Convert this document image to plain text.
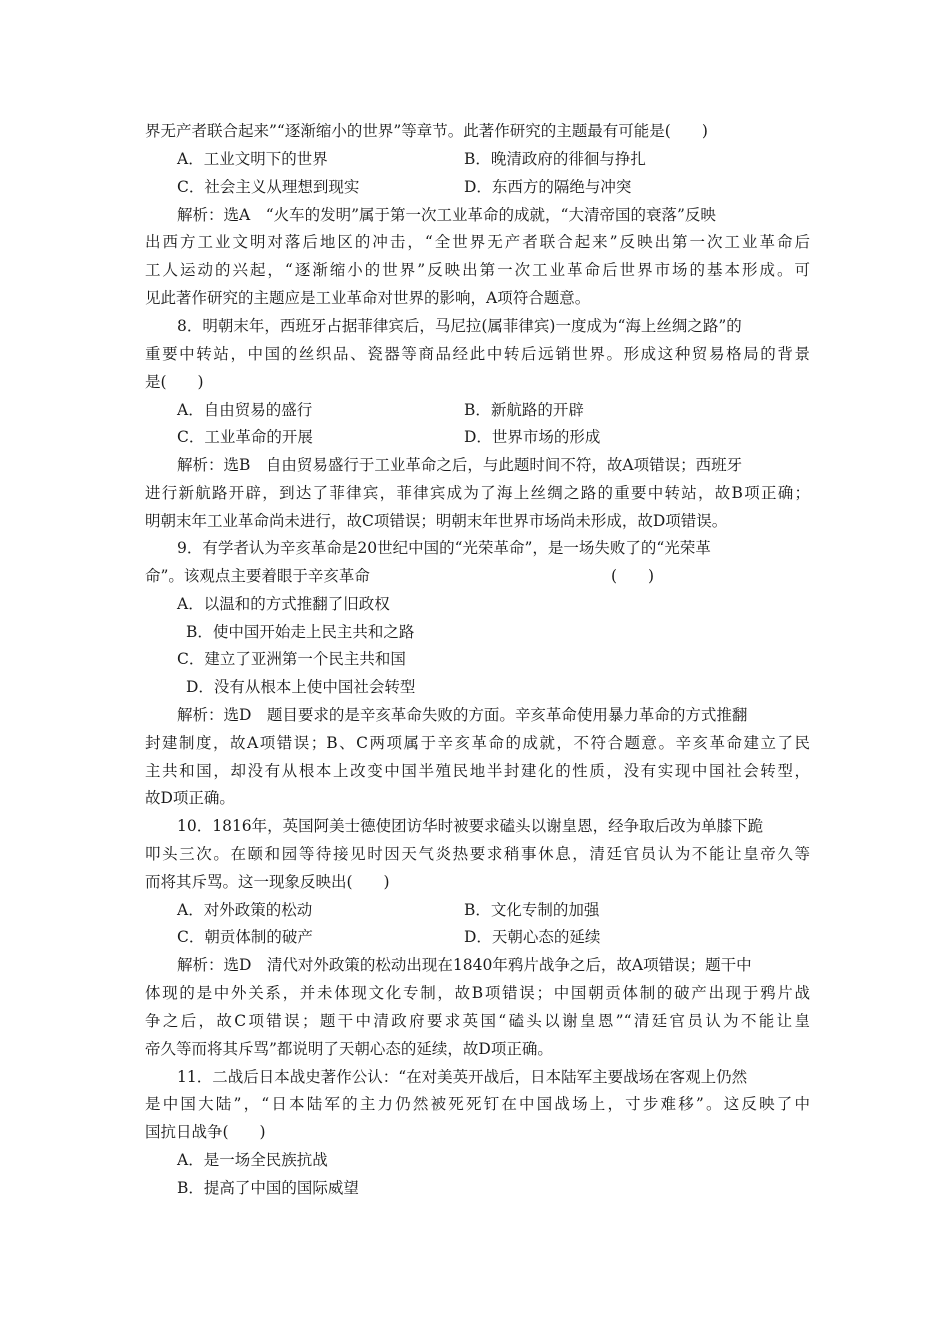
界无产者联合起来”“逐渐缩小的世界”等章节。此著作研究的主题最有可能是(　　)
A．工业文明下的世界	B．晚清政府的徘徊与挣扎
C．社会主义从理想到现实	D．东西方的隔绝与冲突
解析：选A　“火车的发明”属于第一次工业革命的成就，“大清帝国的衰落”反映
出西方工业文明对落后地区的冲击，“全世界无产者联合起来”反映出第一次工业革命后
工人运动的兴起，“逐渐缩小的世界”反映出第一次工业革命后世界市场的基本形成。可
见此著作研究的主题应是工业革命对世界的影响，A项符合题意。
8．明朝末年，西班牙占据菲律宾后，马尼拉(属菲律宾)一度成为“海上丝绸之路”的
重要中转站，中国的丝织品、瓷器等商品经此中转后远销世界。形成这种贸易格局的背景
是(　　)
A．自由贸易的盛行	B．新航路的开辟
C．工业革命的开展	D．世界市场的形成
解析：选B　自由贸易盛行于工业革命之后，与此题时间不符，故A项错误；西班牙
进行新航路开辟，到达了菲律宾，菲律宾成为了海上丝绸之路的重要中转站，故B项正确；
明朝末年工业革命尚未进行，故C项错误；明朝末年世界市场尚未形成，故D项错误。
9．有学者认为辛亥革命是20世纪中国的“光荣革命”，是一场失败了的“光荣革
命”。该观点主要着眼于辛亥革命	(　　)
A．以温和的方式推翻了旧政权
B．使中国开始走上民主共和之路
C．建立了亚洲第一个民主共和国
D．没有从根本上使中国社会转型
解析：选D　题目要求的是辛亥革命失败的方面。辛亥革命使用暴力革命的方式推翻
封建制度，故A项错误；B、C两项属于辛亥革命的成就，不符合题意。辛亥革命建立了民
主共和国，却没有从根本上改变中国半殖民地半封建化的性质，没有实现中国社会转型，
故D项正确。
10．1816年，英国阿美士德使团访华时被要求磕头以谢皇恩，经争取后改为单膝下跪
叩头三次。在颐和园等待接见时因天气炎热要求稍事休息，清廷官员认为不能让皇帝久等
而将其斥骂。这一现象反映出(　　)
A．对外政策的松动	B．文化专制的加强
C．朝贡体制的破产	D．天朝心态的延续
解析：选D　清代对外政策的松动出现在1840年鸦片战争之后，故A项错误；题干中
体现的是中外关系，并未体现文化专制，故B项错误；中国朝贡体制的破产出现于鸦片战
争之后，故C项错误；题干中清政府要求英国“磕头以谢皇恩”“清廷官员认为不能让皇
帝久等而将其斥骂”都说明了天朝心态的延续，故D项正确。
11．二战后日本战史著作公认：“在对美英开战后，日本陆军主要战场在客观上仍然
是中国大陆”，“日本陆军的主力仍然被死死钉在中国战场上，寸步难移”。这反映了中
国抗日战争(　　)
A．是一场全民族抗战
B．提高了中国的国际威望
